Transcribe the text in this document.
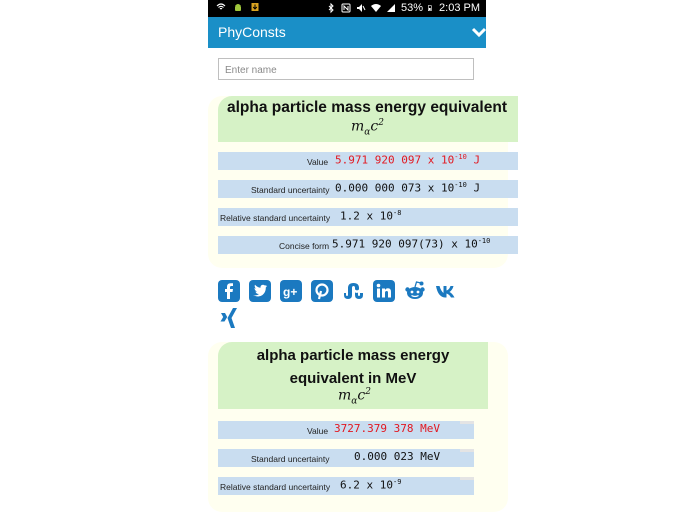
53% 2:03 PM
PhyConsts
Enter name
alpha particle mass energy equivalent
$m_\alpha c^2$
Value 5.971 920 097 x $10^{-10}$ J
Standard uncertainty 0.000 000 073 x $10^{-10}$ J
Relative standard uncertainty 1.2 x $10^{-8}$
Concise form 5.971 920 097(73) x $10^{-10}$
g+
alpha particle mass energy
equivalent in MeV
$m_\alpha c^2$
Value 3727.379 378 MeV
Standard uncertainty 0.000 023 MeV
Relative standard uncertainty 6.2 x $10^{-9}$
